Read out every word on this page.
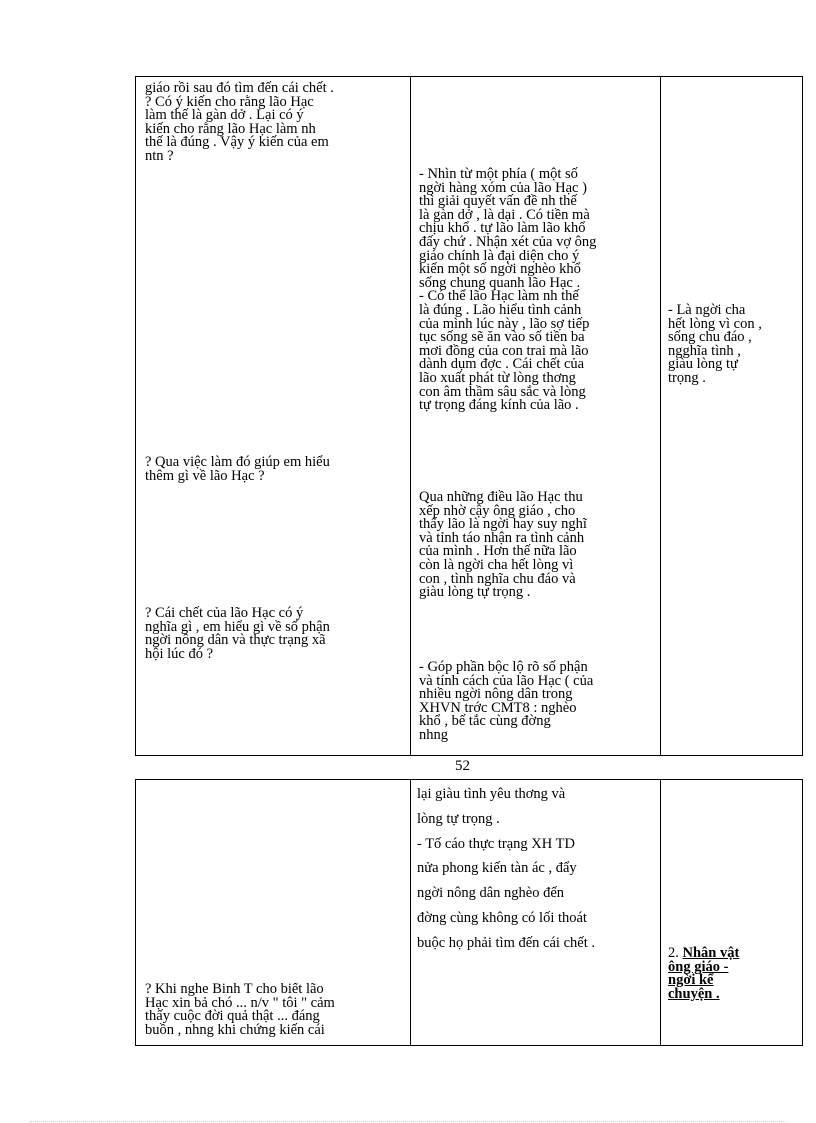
giáo rồi sau đó tìm đến cái chết .
? Có ý kiến cho rằng lão Hạc
làm thế là gàn dở . Lại có ý
kiến cho rằng lão Hạc làm nh
thế là đúng . Vậy ý kiến của em
ntn ?
? Qua việc làm đó giúp em hiểu
thêm gì về lão Hạc ?
? Cái chết của lão Hạc có ý
nghĩa gì , em hiểu gì về số phận
ngời nông dân và thực trạng xã
hội lúc đó ?
- Nhìn từ một phía ( một số
ngời hàng xóm của lão Hạc )
thì giải quyết vấn đề nh thế
là gàn dở , là dại . Có tiền mà
chịu khổ . tự lão làm lão khổ
đấy chứ . Nhận xét của vợ ông
giáo chính là đại diện cho ý
kiến một số ngời nghèo khổ
sống chung quanh lão Hạc .
- Có thể lão Hạc làm nh thế
là đúng . Lão hiểu tình cảnh
của mình lúc này , lão sợ tiếp
tục sống sẽ ăn vào số tiền ba
mơi đồng của con trai mà lão
dành dụm đợc . Cái chết của
lão xuất phát từ lòng thơng
con âm thầm sâu sắc và lòng
tự trọng đáng kính của lão .
Qua những điều lão Hạc thu
xếp nhờ cậy ông giáo , cho
thấy lão là ngời hay suy nghĩ
và tỉnh táo nhận ra tình cảnh
của mình . Hơn thế nữa lão
còn là ngời cha hết lòng vì
con , tình nghĩa chu đáo và
giàu lòng tự trọng .
- Góp phần bộc lộ rõ số phận
và tính cách của lão Hạc ( của
nhiều ngời nông dân trong
XHVN trớc CMT8 : nghèo
khổ , bế tắc cùng đờng
nhng
- Là ngời cha
hết lòng vì con ,
sống chu đáo ,
ngghĩa tình ,
giàu lòng tự
trọng .
52
lại giàu tình yêu thơng và
lòng tự trọng .
- Tố cáo thực trạng XH TD
nửa phong kiến tàn ác , đẩy
ngời nông dân nghèo đến
đờng cùng không có lối thoát
buộc họ phải tìm đến cái chết .
? Khi nghe Binh T cho biết lão
Hạc xin bả chó ... n/v " tôi " cảm
thấy cuộc đời quả thật ... đáng
buồn , nhng khi chứng kiến cái
2. Nhân vật
ông giáo -
ngời kể
chuyện .
